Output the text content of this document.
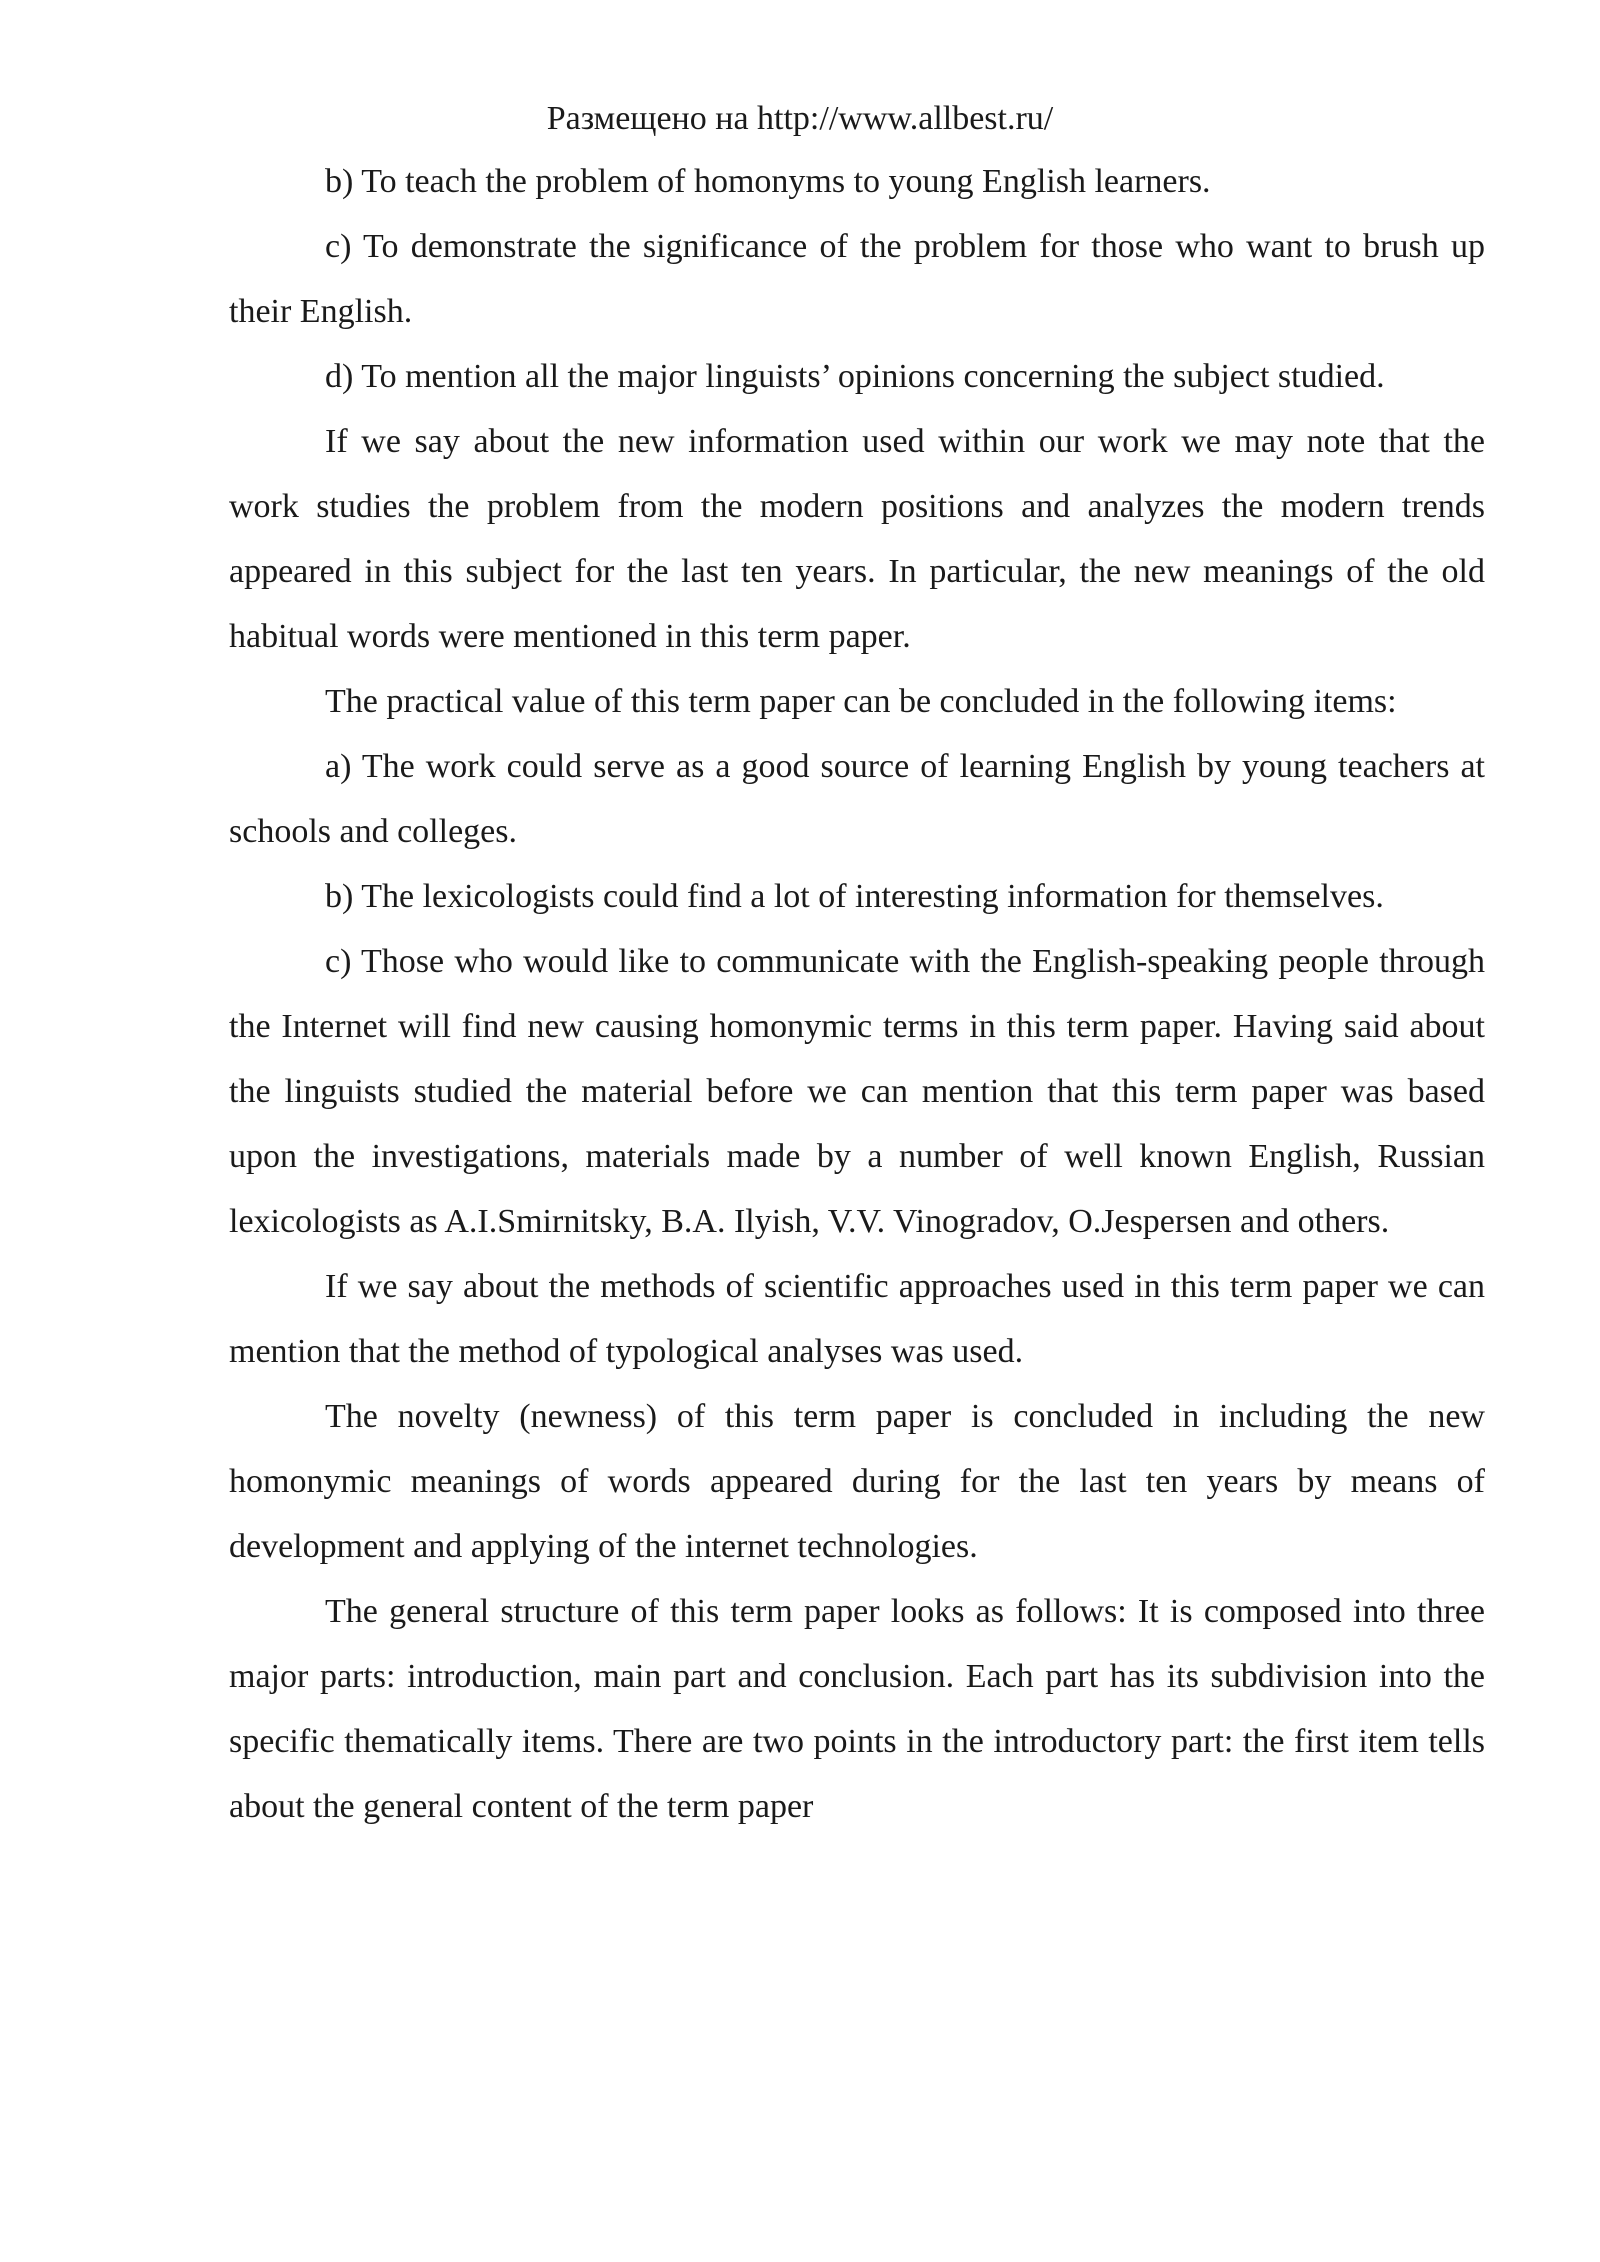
Размещено на http://www.allbest.ru/

b) To teach the problem of homonyms to young English learners.

c) To demonstrate the significance of the problem for those who want to brush up their English.

d) To mention all the major linguists’ opinions concerning the subject studied.

If we say about the new information used within our work we may note that the work studies the problem from the modern positions and analyzes the modern trends appeared in this subject for the last ten years. In particular, the new meanings of the old habitual words were mentioned in this term paper.

The practical value of this term paper can be concluded in the following items:

a) The work could serve as a good source of learning English by young teachers at schools and colleges.

b) The lexicologists could find a lot of interesting information for themselves.

c) Those who would like to communicate with the English-speaking people through the Internet will find new causing homonymic terms in this term paper. Having said about the linguists studied the material before we can mention that this term paper was based upon the investigations, materials made by a number of well known English, Russian lexicologists as A.I.Smirnitsky, B.A. Ilyish, V.V. Vinogradov, O.Jespersen and others.

If we say about the methods of scientific approaches used in this term paper we can mention that the method of typological analyses was used.

The novelty (newness) of this term paper is concluded in including the new homonymic meanings of words appeared during for the last ten years by means of development and applying of the internet technologies.

The general structure of this term paper looks as follows: It is composed into three major parts: introduction, main part and conclusion. Each part has its subdivision into the specific thematically items. There are two points in the introductory part: the first item tells about the general content of the term paper
